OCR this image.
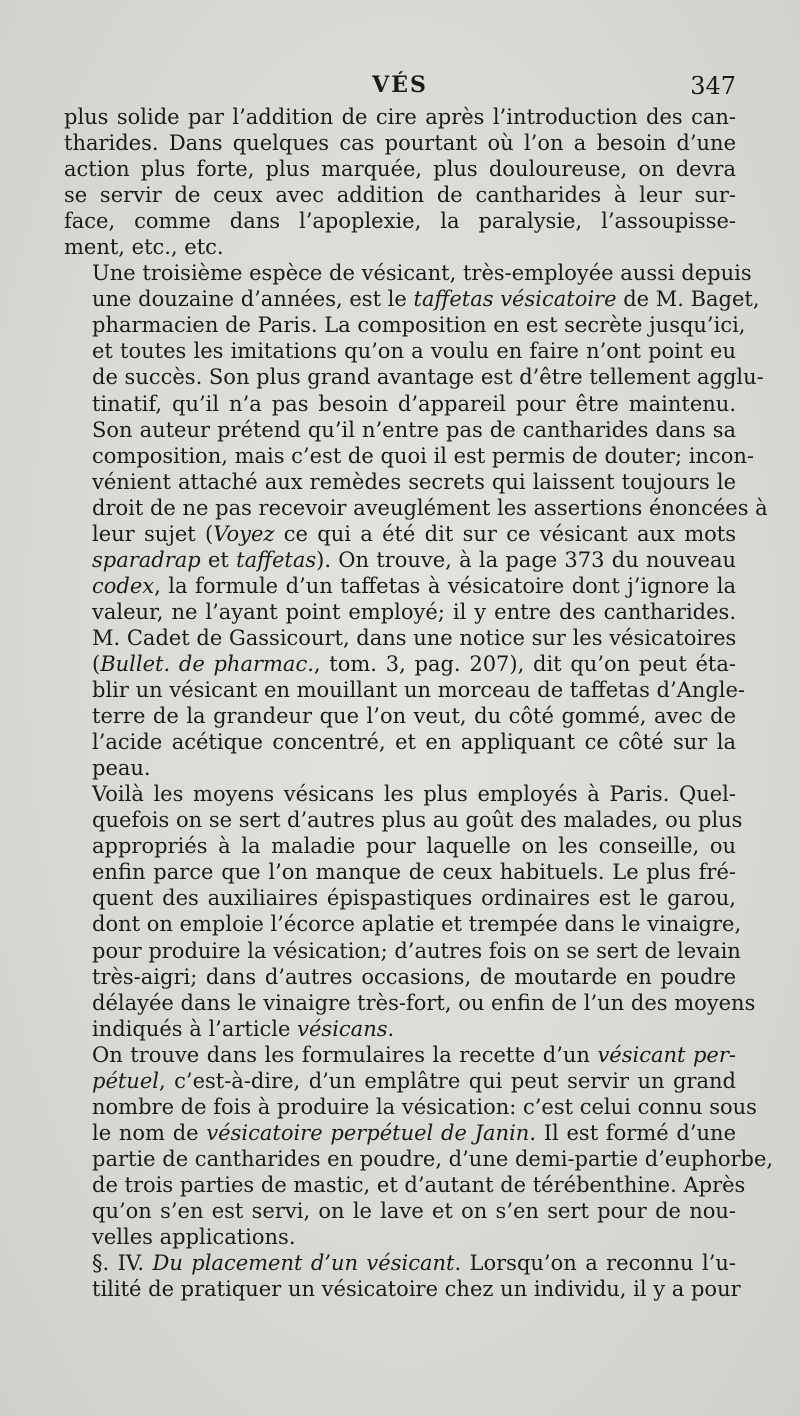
VÉS	347

plus solide par l’addition de cire après l’introduction des can-
tharides. Dans quelques cas pourtant où l’on a besoin d’une
action plus forte, plus marquée, plus douloureuse, on devra
se servir de ceux avec addition de cantharides à leur sur-
face, comme dans l’apoplexie, la paralysie, l’assoupisse-
ment, etc., etc.

Une troisième espèce de vésicant, très-employée aussi depuis
une douzaine d’années, est le taffetas vésicatoire de M. Baget,
pharmacien de Paris. La composition en est secrète jusqu’ici,
et toutes les imitations qu’on a voulu en faire n’ont point eu
de succès. Son plus grand avantage est d’être tellement agglu-
tinatif, qu’il n’a pas besoin d’appareil pour être maintenu.
Son auteur prétend qu’il n’entre pas de cantharides dans sa
composition, mais c’est de quoi il est permis de douter; incon-
vénient attaché aux remèdes secrets qui laissent toujours le
droit de ne pas recevoir aveuglément les assertions énoncées à
leur sujet (Voyez ce qui a été dit sur ce vésicant aux mots
sparadrap et taffetas). On trouve, à la page 373 du nouveau
codex, la formule d’un taffetas à vésicatoire dont j’ignore la
valeur, ne l’ayant point employé; il y entre des cantharides.
M. Cadet de Gassicourt, dans une notice sur les vésicatoires
(Bullet. de pharmac., tom. 3, pag. 207), dit qu’on peut éta-
blir un vésicant en mouillant un morceau de taffetas d’Angle-
terre de la grandeur que l’on veut, du côté gommé, avec de
l’acide acétique concentré, et en appliquant ce côté sur la
peau.

Voilà les moyens vésicans les plus employés à Paris. Quel-
quefois on se sert d’autres plus au goût des malades, ou plus
appropriés à la maladie pour laquelle on les conseille, ou
enfin parce que l’on manque de ceux habituels. Le plus fré-
quent des auxiliaires épispastiques ordinaires est le garou,
dont on emploie l’écorce aplatie et trempée dans le vinaigre,
pour produire la vésication; d’autres fois on se sert de levain
très-aigri; dans d’autres occasions, de moutarde en poudre
délayée dans le vinaigre très-fort, ou enfin de l’un des moyens
indiqués à l’article vésicans.

On trouve dans les formulaires la recette d’un vésicant per-
pétuel, c’est-à-dire, d’un emplâtre qui peut servir un grand
nombre de fois à produire la vésication: c’est celui connu sous
le nom de vésicatoire perpétuel de Janin. Il est formé d’une
partie de cantharides en poudre, d’une demi-partie d’euphorbe,
de trois parties de mastic, et d’autant de térébenthine. Après
qu’on s’en est servi, on le lave et on s’en sert pour de nou-
velles applications.

§. IV. Du placement d’un vésicant. Lorsqu’on a reconnu l’u-
tilité de pratiquer un vésicatoire chez un individu, il y a pour
